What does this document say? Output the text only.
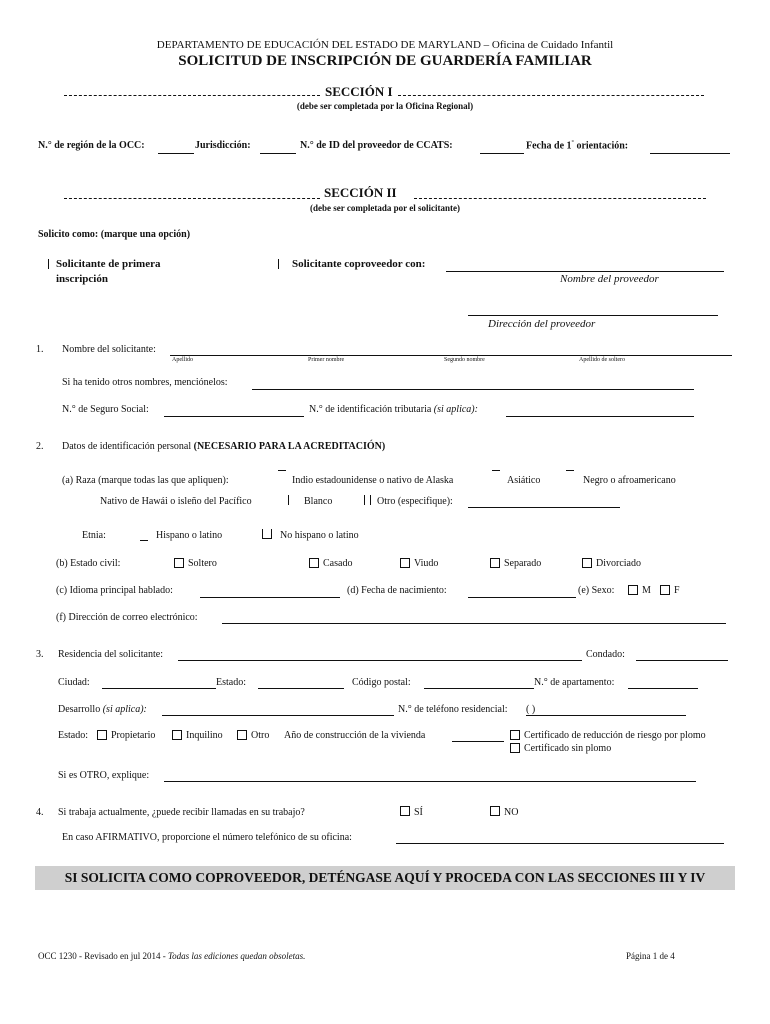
DEPARTAMENTO DE EDUCACIÓN DEL ESTADO DE MARYLAND – Oficina de Cuidado Infantil
SOLICITUD DE INSCRIPCIÓN DE GUARDERÍA FAMILIAR
SECCIÓN I
(debe ser completada por la Oficina Regional)
N.° de región de la OCC:	Jurisdicción:	N.° de ID del proveedor de CCATS:	Fecha de 1° orientación:
SECCIÓN II
(debe ser completada por el solicitante)
Solicito como: (marque una opción)
Solicitante de primera
inscripción
Solicitante coproveedor con:
Nombre del proveedor
Dirección del proveedor
1. Nombre del solicitante:
Apellido	Primer nombre	Segundo nombre	Apellido de soltero
Si ha tenido otros nombres, menciónelos:
N.° de Seguro Social:	N.° de identificación tributaria (si aplica):
2. Datos de identificación personal (NECESARIO PARA LA ACREDITACIÓN)
(a) Raza (marque todas las que apliquen):	Indio estadounidense o nativo de Alaska	Asiático	Negro o afroamericano
Nativo de Hawái o isleño del Pacífico	Blanco	Otro (especifique):
Etnia:	Hispano o latino	No hispano o latino
(b) Estado civil:	Soltero	Casado	Viudo	Separado	Divorciado
(c) Idioma principal hablado:	(d) Fecha de nacimiento:	(e) Sexo:	M F
(f) Dirección de correo electrónico:
3. Residencia del solicitante:	Condado:
Ciudad:	Estado:	Código postal:	N.° de apartamento:
Desarrollo (si aplica):	N.° de teléfono residencial: ( )
Estado: Propietario	Inquilino	Otro Año de construcción de la vivienda	Certificado de reducción de riesgo por plomo
Certificado sin plomo
Si es OTRO, explique:
4. Si trabaja actualmente, ¿puede recibir llamadas en su trabajo?	SÍ	NO
En caso AFIRMATIVO, proporcione el número telefónico de su oficina:
SI SOLICITA COMO COPROVEEDOR, DETÉNGASE AQUÍ Y PROCEDA CON LAS SECCIONES III Y IV
OCC 1230 - Revisado en jul 2014 - Todas las ediciones quedan obsoletas.	Página 1 de 4
